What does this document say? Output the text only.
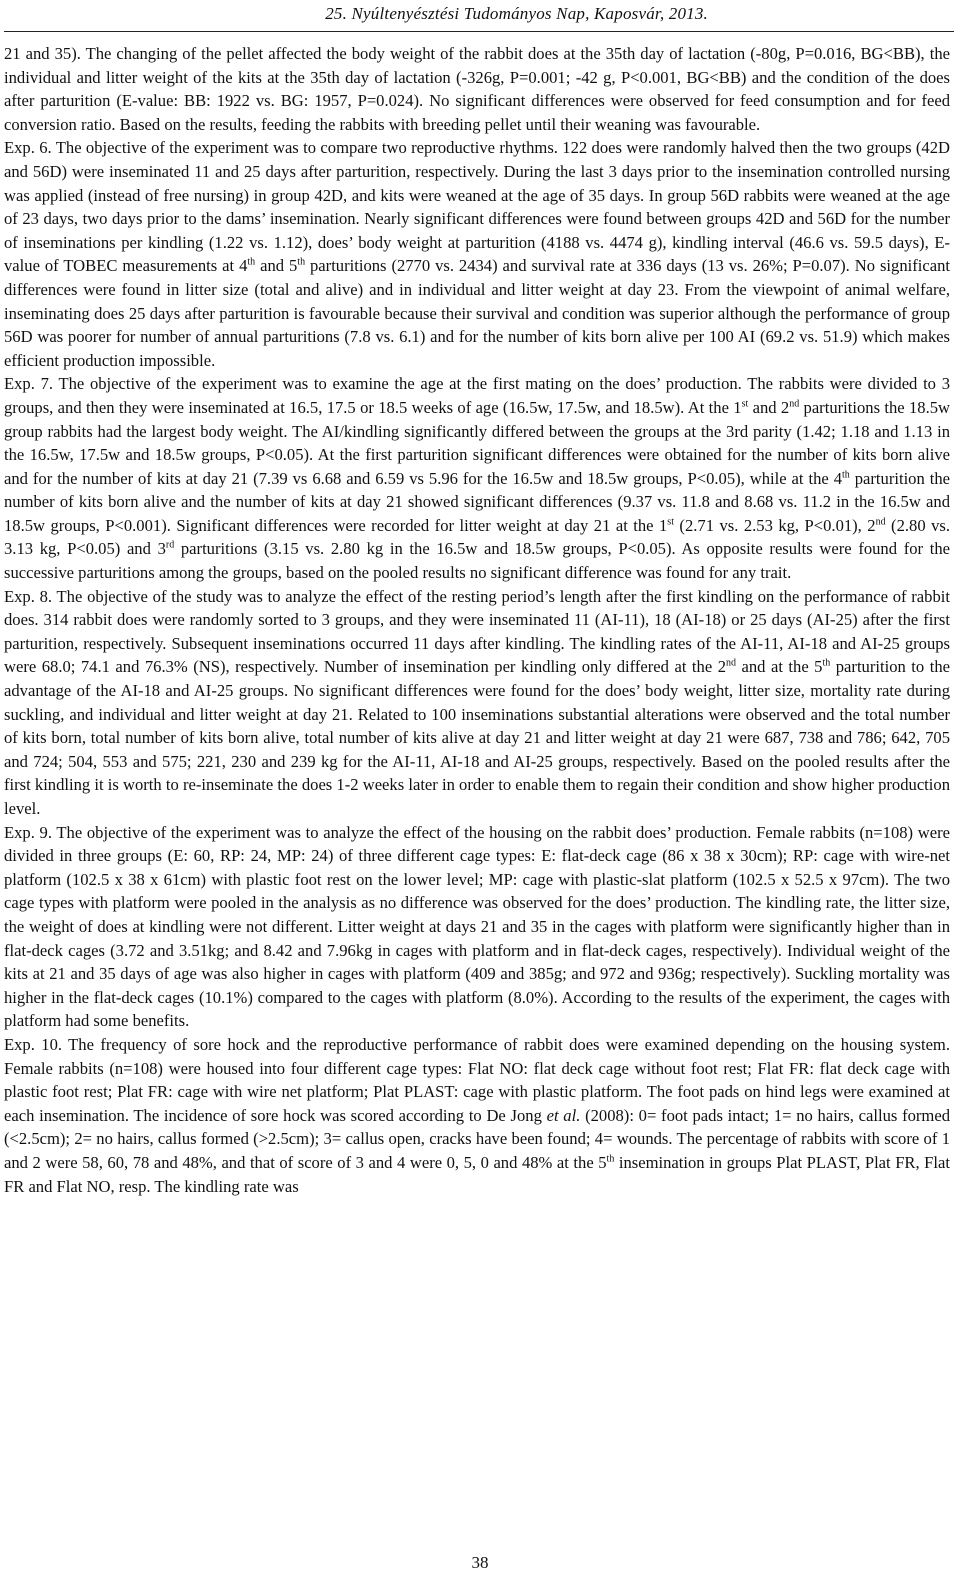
25. Nyúltenyésztési Tudományos Nap, Kaposvár, 2013.

21 and 35). The changing of the pellet affected the body weight of the rabbit does at the 35th day of lactation (-80g, P=0.016, BG<BB), the individual and litter weight of the kits at the 35th day of lactation (-326g, P=0.001; -42 g, P<0.001, BG<BB) and the condition of the does after parturition (E-value: BB: 1922 vs. BG: 1957, P=0.024). No significant differences were observed for feed consumption and for feed conversion ratio. Based on the results, feeding the rabbits with breeding pellet until their weaning was favourable.

Exp. 6. The objective of the experiment was to compare two reproductive rhythms. 122 does were randomly halved then the two groups (42D and 56D) were inseminated 11 and 25 days after parturition, respectively. During the last 3 days prior to the insemination controlled nursing was applied (instead of free nursing) in group 42D, and kits were weaned at the age of 35 days. In group 56D rabbits were weaned at the age of 23 days, two days prior to the dams’ insemination. Nearly significant differences were found between groups 42D and 56D for the number of inseminations per kindling (1.22 vs. 1.12), does’ body weight at parturition (4188 vs. 4474 g), kindling interval (46.6 vs. 59.5 days), E-value of TOBEC measurements at 4th and 5th parturitions (2770 vs. 2434) and survival rate at 336 days (13 vs. 26%; P=0.07). No significant differences were found in litter size (total and alive) and in individual and litter weight at day 23. From the viewpoint of animal welfare, inseminating does 25 days after parturition is favourable because their survival and condition was superior although the performance of group 56D was poorer for number of annual parturitions (7.8 vs. 6.1) and for the number of kits born alive per 100 AI (69.2 vs. 51.9) which makes efficient production impossible.

Exp. 7. The objective of the experiment was to examine the age at the first mating on the does’ production. The rabbits were divided to 3 groups, and then they were inseminated at 16.5, 17.5 or 18.5 weeks of age (16.5w, 17.5w, and 18.5w). At the 1st and 2nd parturitions the 18.5w group rabbits had the largest body weight. The AI/kindling significantly differed between the groups at the 3rd parity (1.42; 1.18 and 1.13 in the 16.5w, 17.5w and 18.5w groups, P<0.05). At the first parturition significant differences were obtained for the number of kits born alive and for the number of kits at day 21 (7.39 vs 6.68 and 6.59 vs 5.96 for the 16.5w and 18.5w groups, P<0.05), while at the 4th parturition the number of kits born alive and the number of kits at day 21 showed significant differences (9.37 vs. 11.8 and 8.68 vs. 11.2 in the 16.5w and 18.5w groups, P<0.001). Significant differences were recorded for litter weight at day 21 at the 1st (2.71 vs. 2.53 kg, P<0.01), 2nd (2.80 vs. 3.13 kg, P<0.05) and 3rd parturitions (3.15 vs. 2.80 kg in the 16.5w and 18.5w groups, P<0.05). As opposite results were found for the successive parturitions among the groups, based on the pooled results no significant difference was found for any trait.

Exp. 8. The objective of the study was to analyze the effect of the resting period’s length after the first kindling on the performance of rabbit does. 314 rabbit does were randomly sorted to 3 groups, and they were inseminated 11 (AI-11), 18 (AI-18) or 25 days (AI-25) after the first parturition, respectively. Subsequent inseminations occurred 11 days after kindling. The kindling rates of the AI-11, AI-18 and AI-25 groups were 68.0; 74.1 and 76.3% (NS), respectively. Number of insemination per kindling only differed at the 2nd and at the 5th parturition to the advantage of the AI-18 and AI-25 groups. No significant differences were found for the does’ body weight, litter size, mortality rate during suckling, and individual and litter weight at day 21. Related to 100 inseminations substantial alterations were observed and the total number of kits born, total number of kits born alive, total number of kits alive at day 21 and litter weight at day 21 were 687, 738 and 786; 642, 705 and 724; 504, 553 and 575; 221, 230 and 239 kg for the AI-11, AI-18 and AI-25 groups, respectively. Based on the pooled results after the first kindling it is worth to re-inseminate the does 1-2 weeks later in order to enable them to regain their condition and show higher production level.

Exp. 9. The objective of the experiment was to analyze the effect of the housing on the rabbit does’ production. Female rabbits (n=108) were divided in three groups (E: 60, RP: 24, MP: 24) of three different cage types: E: flat-deck cage (86 x 38 x 30cm); RP: cage with wire-net platform (102.5 x 38 x 61cm) with plastic foot rest on the lower level; MP: cage with plastic-slat platform (102.5 x 52.5 x 97cm). The two cage types with platform were pooled in the analysis as no difference was observed for the does’ production. The kindling rate, the litter size, the weight of does at kindling were not different. Litter weight at days 21 and 35 in the cages with platform were significantly higher than in flat-deck cages (3.72 and 3.51kg; and 8.42 and 7.96kg in cages with platform and in flat-deck cages, respectively). Individual weight of the kits at 21 and 35 days of age was also higher in cages with platform (409 and 385g; and 972 and 936g; respectively). Suckling mortality was higher in the flat-deck cages (10.1%) compared to the cages with platform (8.0%). According to the results of the experiment, the cages with platform had some benefits.

Exp. 10. The frequency of sore hock and the reproductive performance of rabbit does were examined depending on the housing system. Female rabbits (n=108) were housed into four different cage types: Flat NO: flat deck cage without foot rest; Flat FR: flat deck cage with plastic foot rest; Plat FR: cage with wire net platform; Plat PLAST: cage with plastic platform. The foot pads on hind legs were examined at each insemination. The incidence of sore hock was scored according to De Jong et al. (2008): 0= foot pads intact; 1= no hairs, callus formed (<2.5cm); 2= no hairs, callus formed (>2.5cm); 3= callus open, cracks have been found; 4= wounds. The percentage of rabbits with score of 1 and 2 were 58, 60, 78 and 48%, and that of score of 3 and 4 were 0, 5, 0 and 48% at the 5th insemination in groups Plat PLAST, Plat FR, Flat FR and Flat NO, resp. The kindling rate was

38
